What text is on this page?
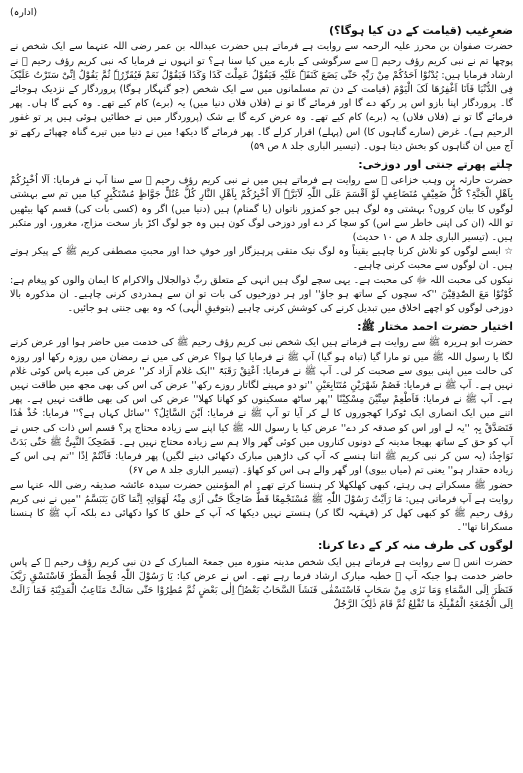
(ادارہ)
ضعرِغیب (قیامت کے دن کیا ہوگا؟)

حضرت صفوان بن محرز علیہ الرحمہ سے روایت ہے فرماتے ہیں حضرت عبداللہ بن عمر رضی اللہ عنہما سے ایک شخص نے پوچھا تم نے نبی کریم رؤف رحیم ﷺ سے سرگوشی کے بارے میں کیا سنا ہے؟ تو انہوں نے فرمایا کہ نبی کریم رؤف رحیم ﷺ نے ارشاد فرمایا ہیں: یُدْنُوْا اَحَدُکُمْ مِنْ رَبِّہٖ حَتّٰی یَضَعَ کَنَفَہٗ عَلَیْہِ فَیَقُوْلُ عَمِلْتَ کَذَا وَکَذَا فَیَقُوْلُ نَعَمْ فَیُقَرِّرُہٗ ثُمَّ یَقُوْلُ اِنِّیْ سَتَرْتُ عَلَیْکَ فِی الدُّنْیَا فَاَنَا اَغْفِرُھَا لَکَ الْیَوْمَ (قیامت کے دن تم مسلمانوں میں سے ایک شخص (جو گنہگار ہوگا) پروردگار کے نزدیک ہوجائے گا۔ پروردگار اپنا بازو اس پر رکھ دے گا اور فرمائے گا تو نے (فلاں فلاں دنیا میں) یہ (برے) کام کیے تھے۔ وہ کہے گا ہاں۔ پھر فرمائے گا تو نے (فلاں فلاں) یہ (برے) کام کیے تھے۔ وہ عرض کرے گا بے شک (پروردگار میں نے خطائیں ہوئی ہیں پر تو غفور الرحیم ہے)۔ غرض (سارے گناہوں کا) اس (پہلے) اقرار کرلے گا۔ پھر فرمائے گا دیکھ! میں نے دنیا میں تیرے گناہ چھپائے رکھے تو آج میں ان گناہوں کو بخش دیتا ہوں۔ (تیسیر الباری جلد ۸ ص ۵۹)

چلتے پھرتے جنتی اور دوزخی:

حضرت حارثہ بن وہب خزاعی ﷺ سے روایت ہے فرماتے ہیں میں نے نبی کریم رؤف رحیم ﷺ سے سنا آپ نے فرمایا: اَلَا اُخْبِرُکُمْ بِاَھْلِ الْجَنَّۃِ؟ کُلُّ ضَعِیْفٍ مُتَضَاعِفٍ لَوْ اَقْسَمَ عَلَی اللّٰہِ لَاَبَرَّہٗ اَلَا اُخْبِرُکُمْ بِاَھْلِ النَّارِ کُلُّ عُتُلٍّ جَوَّاظٍ مُسْتَکْبِرٍ کیا میں تم سے بہشتی لوگوں کا بیان کروں؟ بہشتی وہ لوگ ہیں جو کمزور ناتواں (یا گمنام) ہیں (دنیا میں) اگر وہ (کسی بات کی) قسم کھا بیٹھیں تو اللہ (ان کی اپنی خاطر سے اس) کو سچا کر دے اور دوزخی لوگ کون ہیں وہ جو لوگ اکڑ باز سخت مزاج، مغرور، اور متکبر ہیں۔ (تیسیر الباری جلد ۸ ص ۱۰ حدیث)

☆ ایسے لوگوں کو تلاش کرنا چاہیے یقیناً وہ لوگ نیک متقی پرہیزگار اور خوفِ خدا اور محبتِ مصطفی کریم ﷺ کے پیکر ہوتے ہیں۔ ان لوگوں سے محبت کرنی چاہیے۔

نیکوں کی محبت اللہ ﷻ کی محبت ہے۔ یہی سچے لوگ ہیں انہی کے متعلق ربِّ ذوالجلال والاکرام کا ایمان والوں کو پیغام ہے: کُوْنُوْا مَعَ الصّٰدِقِیْنَ ''کہ سچوں کے ساتھ ہو جاؤ'' اور ہر دوزخیوں کی بات تو ان سے ہمدردی کرنی چاہیے۔ ان مذکورہ بالا دوزخی لوگوں کو اچھے اخلاق میں تبدیل کرنے کی کوشش کرنی چاہیے (بتوفیقِ الٰہی) کہ وہ بھی جنتی ہو جائیں۔

اختیار حضرت احمد مختار ﷺ:

حضرت ابو ہریرہ ﷺ سے روایت ہے فرماتے ہیں ایک شخص نبی کریم رؤف رحیم ﷺ کی خدمت میں حاضر ہوا اور عرض کرنے لگا یا رسول اللہ ﷺ میں تو مارا گیا (تباہ ہو گیا) آپ ﷺ نے فرمایا کیا ہوا؟ عرض کی میں نے رمضان میں روزہ رکھا اور روزہ کی حالت میں اپنی بیوی سے صحبت کر لی۔ آپ ﷺ نے فرمایا: اَعْتِقْ رَقَبَۃً ''ایک غلام آزاد کر'' عرض کی میرے پاس کوئی غلام نہیں ہے۔ آپ ﷺ نے فرمایا: فَصُمْ شَھْرَیْنِ مُتَتَابِعَیْنِ ''تو دو مہینے لگاتار روزے رکھ'' عرض کی اس کی بھی مجھ میں طاقت نہیں ہے۔ آپ ﷺ نے فرمایا: فَاَطْعِمْ سِتِّیْنَ مِسْکِیْنًا ''پھر ساٹھ مسکینوں کو کھانا کھلا'' عرض کی اس کی بھی طاقت نہیں ہے۔ پھر اتنے میں ایک انصاری ایک ٹوکرا کھجوروں کا لے کر آیا تو آپ ﷺ نے فرمایا: اَیْنَ السَّائِلُ؟ ''سائل کہاں ہے؟'' فرمایا: خُذْ ھٰذَا فَتَصَدَّقْ بِہٖ ''یہ لے اور اس کو صدقہ کر دے'' عرض کیا یا رسول اللہ ﷺ کیا اپنے سے زیادہ محتاج پر؟ قسم اس ذات کی جس نے آپ کو حق کے ساتھ بھیجا مدینہ کے دونوں کناروں میں کوئی گھر والا ہم سے زیادہ محتاج نہیں ہے۔ فَضَحِکَ النَّبِیُّ ﷺ حَتّٰی بَدَتْ نَوَاجِذُہٗ (یہ سن کر نبی کریم ﷺ اتنا ہنسے کہ آپ کی داڑھیں مبارک دکھائی دینے لگیں) پھر فرمایا: فَاَنْتُمْ اِذًا ''تم ہی اس کے زیادہ حقدار ہو'' یعنی تم (میاں بیوی) اور گھر والے ہی اس کو کھاؤ۔ (تیسیر الباری جلد ۸ ص ۶۷)

حضور ﷺ مسکراتے ہی رہتے، کبھی کھلکھلا کر ہنسنا کرتے تھے۔ ام المؤمنین حضرت سیدہ عائشہ صدیقہ رضی اللہ عنہا سے روایت ہے آپ فرماتی ہیں: مَا رَاَیْتُ رَسُوْلَ اللّٰہِ ﷺ مُسْتَجْمِعًا قَطُّ ضَاحِکًا حَتّٰی اَرٰی مِنْہُ لَھَوَاتِہٖ اِنَّمَا کَانَ یَتَبَسَّمُ ''میں نے نبی کریم رؤف رحیم ﷺ کو کبھی کھل کر (قہقہہ لگا کر) ہنستے نہیں دیکھا کہ آپ کے حلق کا کوا دکھائی دے بلکہ آپ ﷺ کا ہنسنا مسکرانا تھا''۔

لوگوں کی طرف منہ کر کے دعا کرنا:

حضرت انس ﷺ سے روایت ہے فرماتے ہیں ایک شخص مدینہ منورہ میں جمعۃ المبارک کے دن نبی کریم رؤف رحیم ﷺ کے پاس حاضر خدمت ہوا جبکہ آپ ﷺ خطبہ مبارک ارشاد فرما رہے تھے۔ اس نے عرض کیا: یَا رَسُوْلَ اللّٰہِ قُحِطَ الْمَطَرُ فَاسْتَسْقِ رَبَّکَ فَنَظَرَ اِلَی السَّمَاءِ وَمَا نَرٰی مِنْ سَحَابٍ فَاسْتَسْقٰی فَنَشَاَ السَّحَابُ بَعْضُہٗ اِلٰی بَعْضٍ ثُمَّ مُطِرُوْا حَتّٰی سَالَتْ مَثَاعِبُ الْمَدِیْنَۃِ فَمَا زَالَتْ اِلَی الْجُمُعَۃِ الْمُقْبِلَۃِ مَا تُقْلِعُ ثُمَّ قَامَ ذٰلِکَ الرَّجُلُ
